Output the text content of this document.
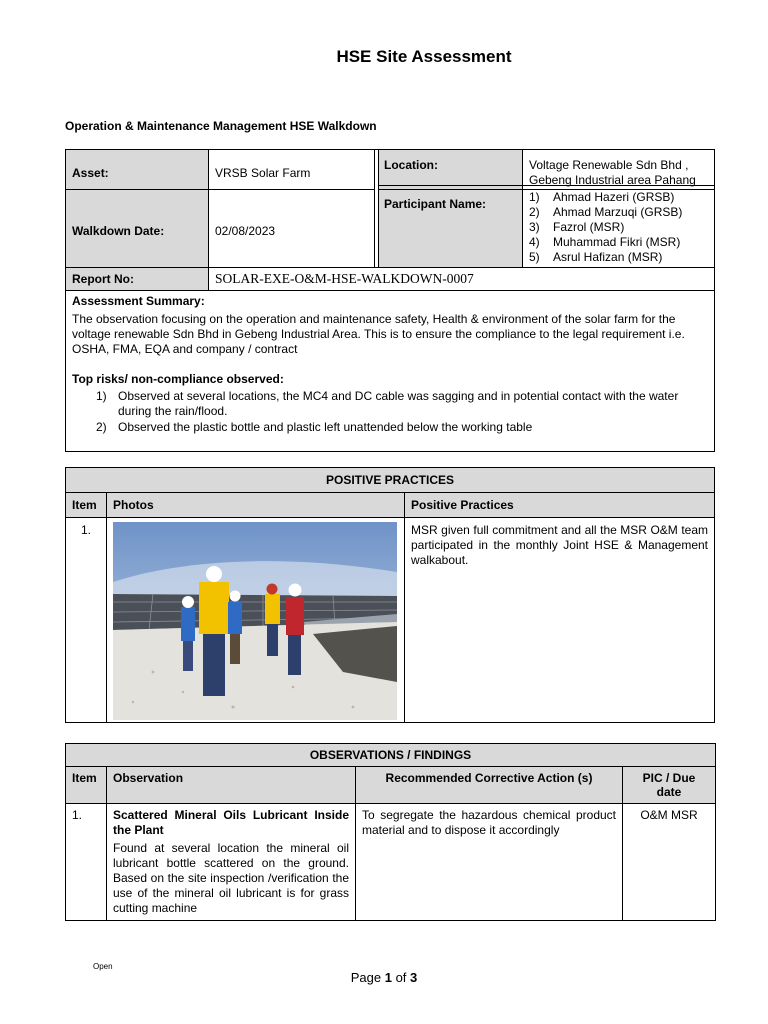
HSE Site Assessment
Operation & Maintenance Management HSE Walkdown
Asset:	VRSB Solar Farm
Location:	Voltage Renewable Sdn Bhd , Gebeng Industrial area Pahang
Walkdown Date:	02/08/2023
Participant Name:	1)	Ahmad Hazeri (GRSB)
2)	Ahmad Marzuqi (GRSB)
3)	Fazrol (MSR)
4)	Muhammad Fikri (MSR)
5)	Asrul Hafizan (MSR)
Report No:	SOLAR-EXE-O&M-HSE-WALKDOWN-0007
Assessment Summary:
The observation focusing on the operation and maintenance safety, Health & environment of the solar farm for the voltage renewable Sdn Bhd in Gebeng Industrial Area. This is to ensure the compliance to the legal requirement i.e. OSHA, FMA, EQA and company / contract
Top risks/ non-compliance observed:
1) Observed at several locations, the MC4 and DC cable was sagging and in potential contact with the water during the rain/flood.
2) Observed the plastic bottle and plastic left unattended below the working table
POSITIVE PRACTICES		
Item	Photos	Positive Practices
1.		MSR given full commitment and all the MSR O&M team participated in the monthly Joint HSE & Management walkabout.
OBSERVATIONS / FINDINGS			
Item	Observation	Recommended Corrective Action (s)	PIC / Due date
1.	Scattered Mineral Oils Lubricant Inside the Plant
Found at several location the mineral oil lubricant bottle scattered on the ground. Based on the site inspection /verification the use of the mineral oil lubricant is for grass cutting machine	To segregate the hazardous chemical product material and to dispose it accordingly	O&M MSR
Open
Page 1 of 3
